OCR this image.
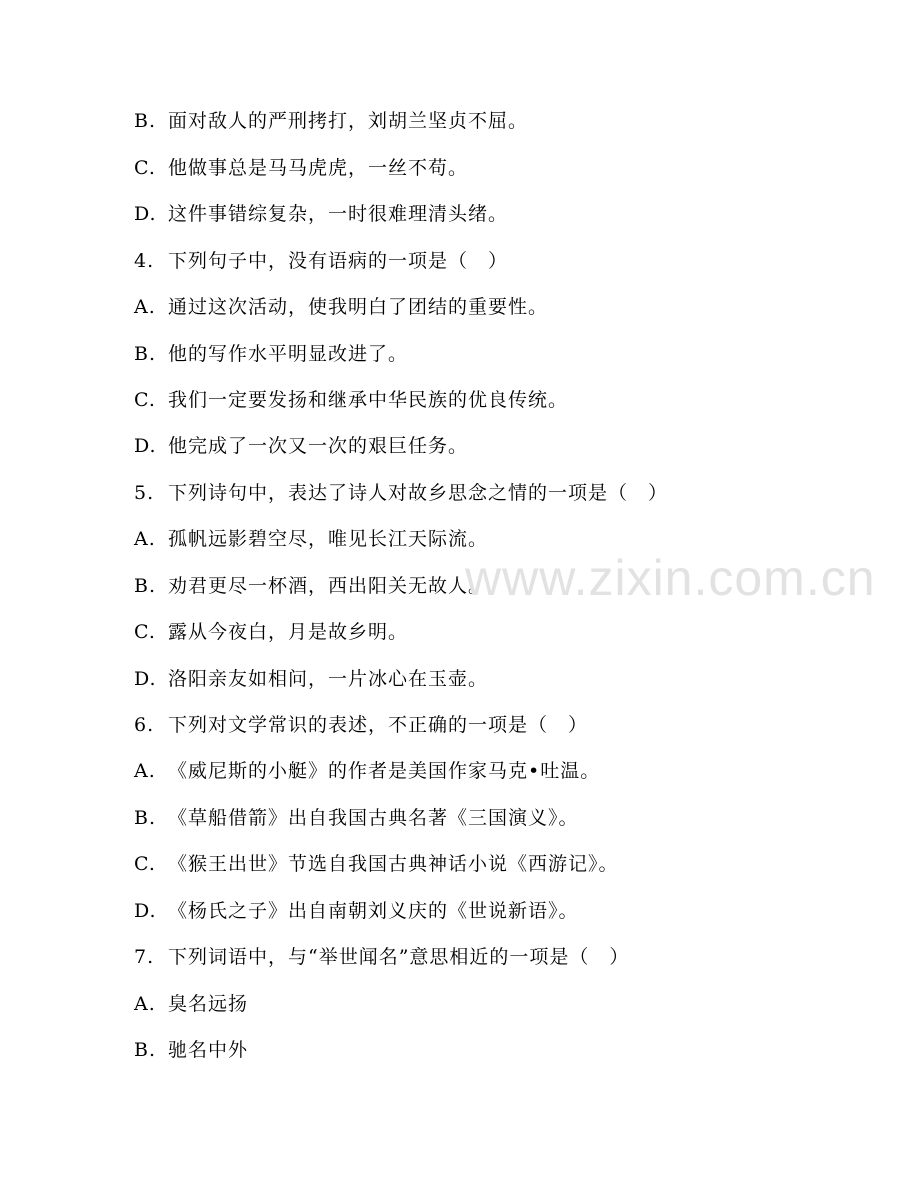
B. 面对敌人的严刑拷打，刘胡兰坚贞不屈。
C. 他做事总是马马虎虎，一丝不苟。
D. 这件事错综复杂，一时很难理清头绪。
4. 下列句子中，没有语病的一项是（　）
A. 通过这次活动，使我明白了团结的重要性。
B. 他的写作水平明显改进了。
C. 我们一定要发扬和继承中华民族的优良传统。
D. 他完成了一次又一次的艰巨任务。
5. 下列诗句中，表达了诗人对故乡思念之情的一项是（　）
A. 孤帆远影碧空尽，唯见长江天际流。
B. 劝君更尽一杯酒，西出阳关无故人。
C. 露从今夜白，月是故乡明。
D. 洛阳亲友如相问，一片冰心在玉壶。
6. 下列对文学常识的表述，不正确的一项是（　）
A. 《威尼斯的小艇》的作者是美国作家马克•吐温。
B. 《草船借箭》出自我国古典名著《三国演义》。
C. 《猴王出世》节选自我国古典神话小说《西游记》。
D. 《杨氏之子》出自南朝刘义庆的《世说新语》。
7. 下列词语中，与“举世闻名”意思相近的一项是（　）
A. 臭名远扬
B. 驰名中外
www.zixin.com.cn
